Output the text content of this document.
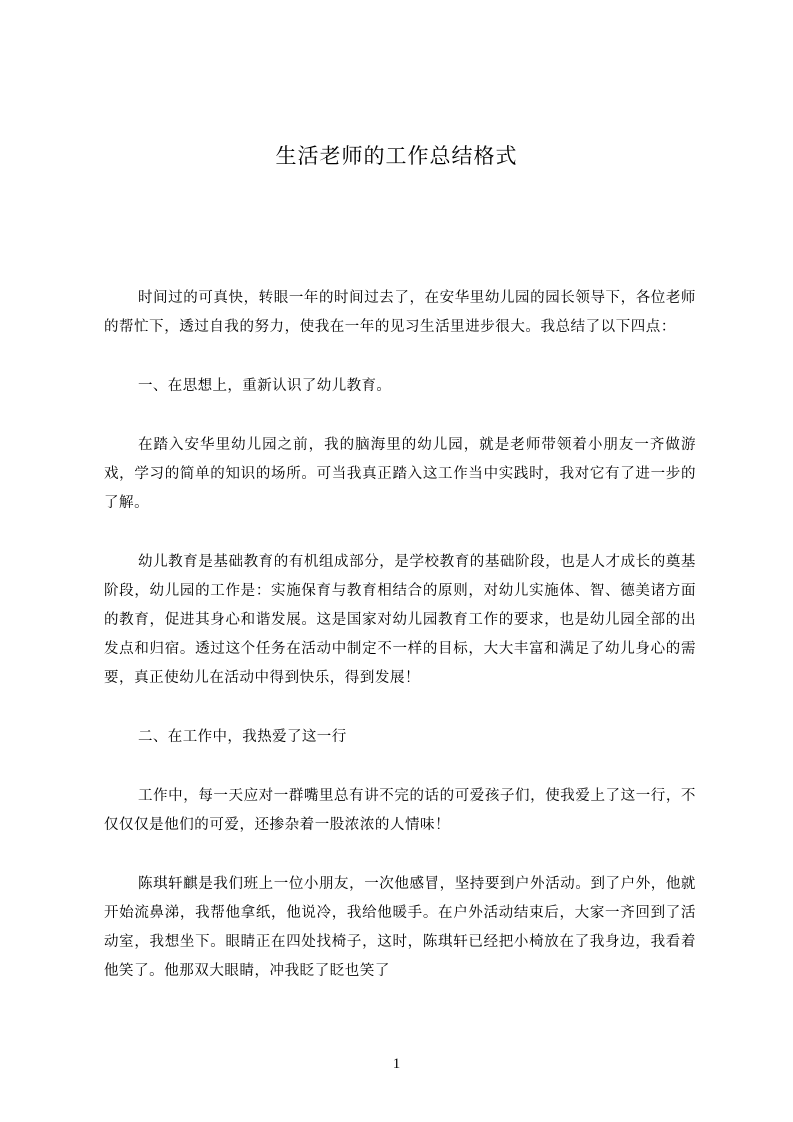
生活老师的工作总结格式

时间过的可真快，转眼一年的时间过去了，在安华里幼儿园的园长领导下，各位老师的帮忙下，透过自我的努力，使我在一年的见习生活里进步很大。我总结了以下四点：

一、在思想上，重新认识了幼儿教育。

在踏入安华里幼儿园之前，我的脑海里的幼儿园，就是老师带领着小朋友一齐做游戏，学习的简单的知识的场所。可当我真正踏入这工作当中实践时，我对它有了进一步的了解。

幼儿教育是基础教育的有机组成部分，是学校教育的基础阶段，也是人才成长的奠基阶段，幼儿园的工作是：实施保育与教育相结合的原则，对幼儿实施体、智、德美诸方面的教育，促进其身心和谐发展。这是国家对幼儿园教育工作的要求，也是幼儿园全部的出发点和归宿。透过这个任务在活动中制定不一样的目标，大大丰富和满足了幼儿身心的需要，真正使幼儿在活动中得到快乐，得到发展！

二、在工作中，我热爱了这一行

工作中，每一天应对一群嘴里总有讲不完的话的可爱孩子们，使我爱上了这一行，不仅仅仅是他们的可爱，还掺杂着一股浓浓的人情味！

陈琪轩麒是我们班上一位小朋友，一次他感冒，坚持要到户外活动。到了户外，他就开始流鼻涕，我帮他拿纸，他说冷，我给他暖手。在户外活动结束后，大家一齐回到了活动室，我想坐下。眼睛正在四处找椅子，这时，陈琪轩已经把小椅放在了我身边，我看着他笑了。他那双大眼睛，冲我眨了眨也笑了

1
